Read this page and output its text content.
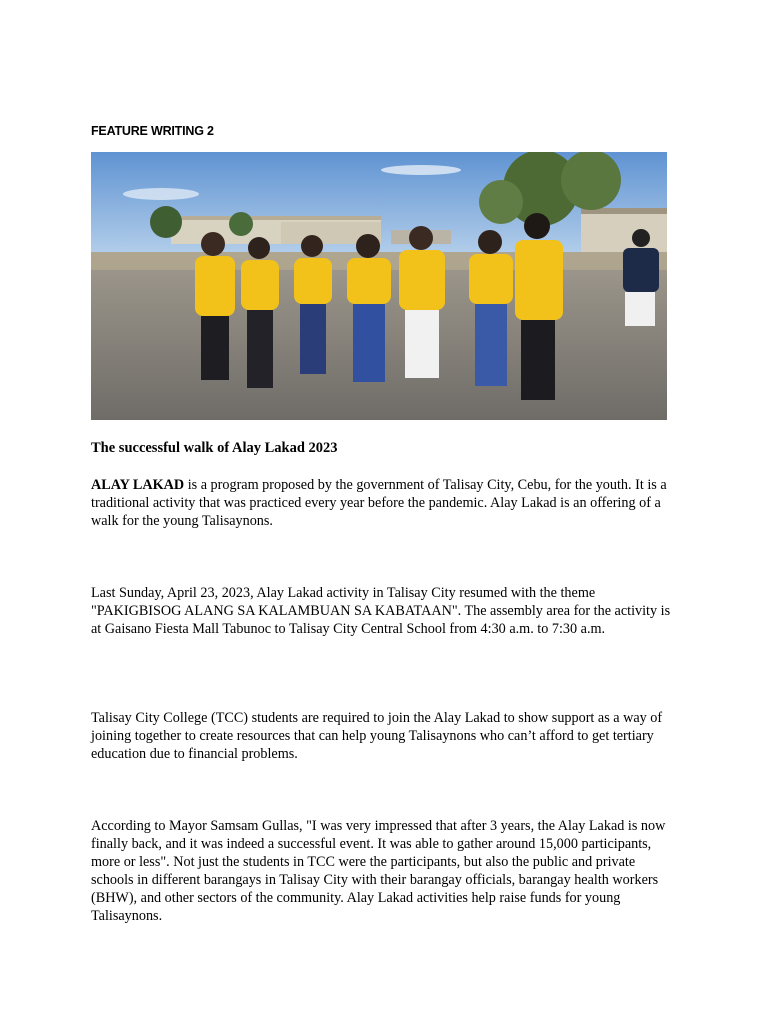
FEATURE WRITING 2
The successful walk of Alay Lakad 2023

ALAY LAKAD is a program proposed by the government of Talisay City, Cebu, for the youth. It is a traditional activity that was practiced every year before the pandemic. Alay Lakad is an offering of a walk for the young Talisaynons.

Last Sunday, April 23, 2023, Alay Lakad activity in Talisay City resumed with the theme "PAKIGBISOG ALANG SA KALAMBUAN SA KABATAAN". The assembly area for the activity is at Gaisano Fiesta Mall Tabunoc to Talisay City Central School from 4:30 a.m. to 7:30 a.m.

Talisay City College (TCC) students are required to join the Alay Lakad to show support as a way of joining together to create resources that can help young Talisaynons who can’t afford to get tertiary education due to financial problems.

According to Mayor Samsam Gullas, "I was very impressed that after 3 years, the Alay Lakad is now finally back, and it was indeed a successful event. It was able to gather around 15,000 participants, more or less". Not just the students in TCC were the participants, but also the public and private schools in different barangays in Talisay City with their barangay officials, barangay health workers (BHW), and other sectors of the community. Alay Lakad activities help raise funds for young Talisaynons.
